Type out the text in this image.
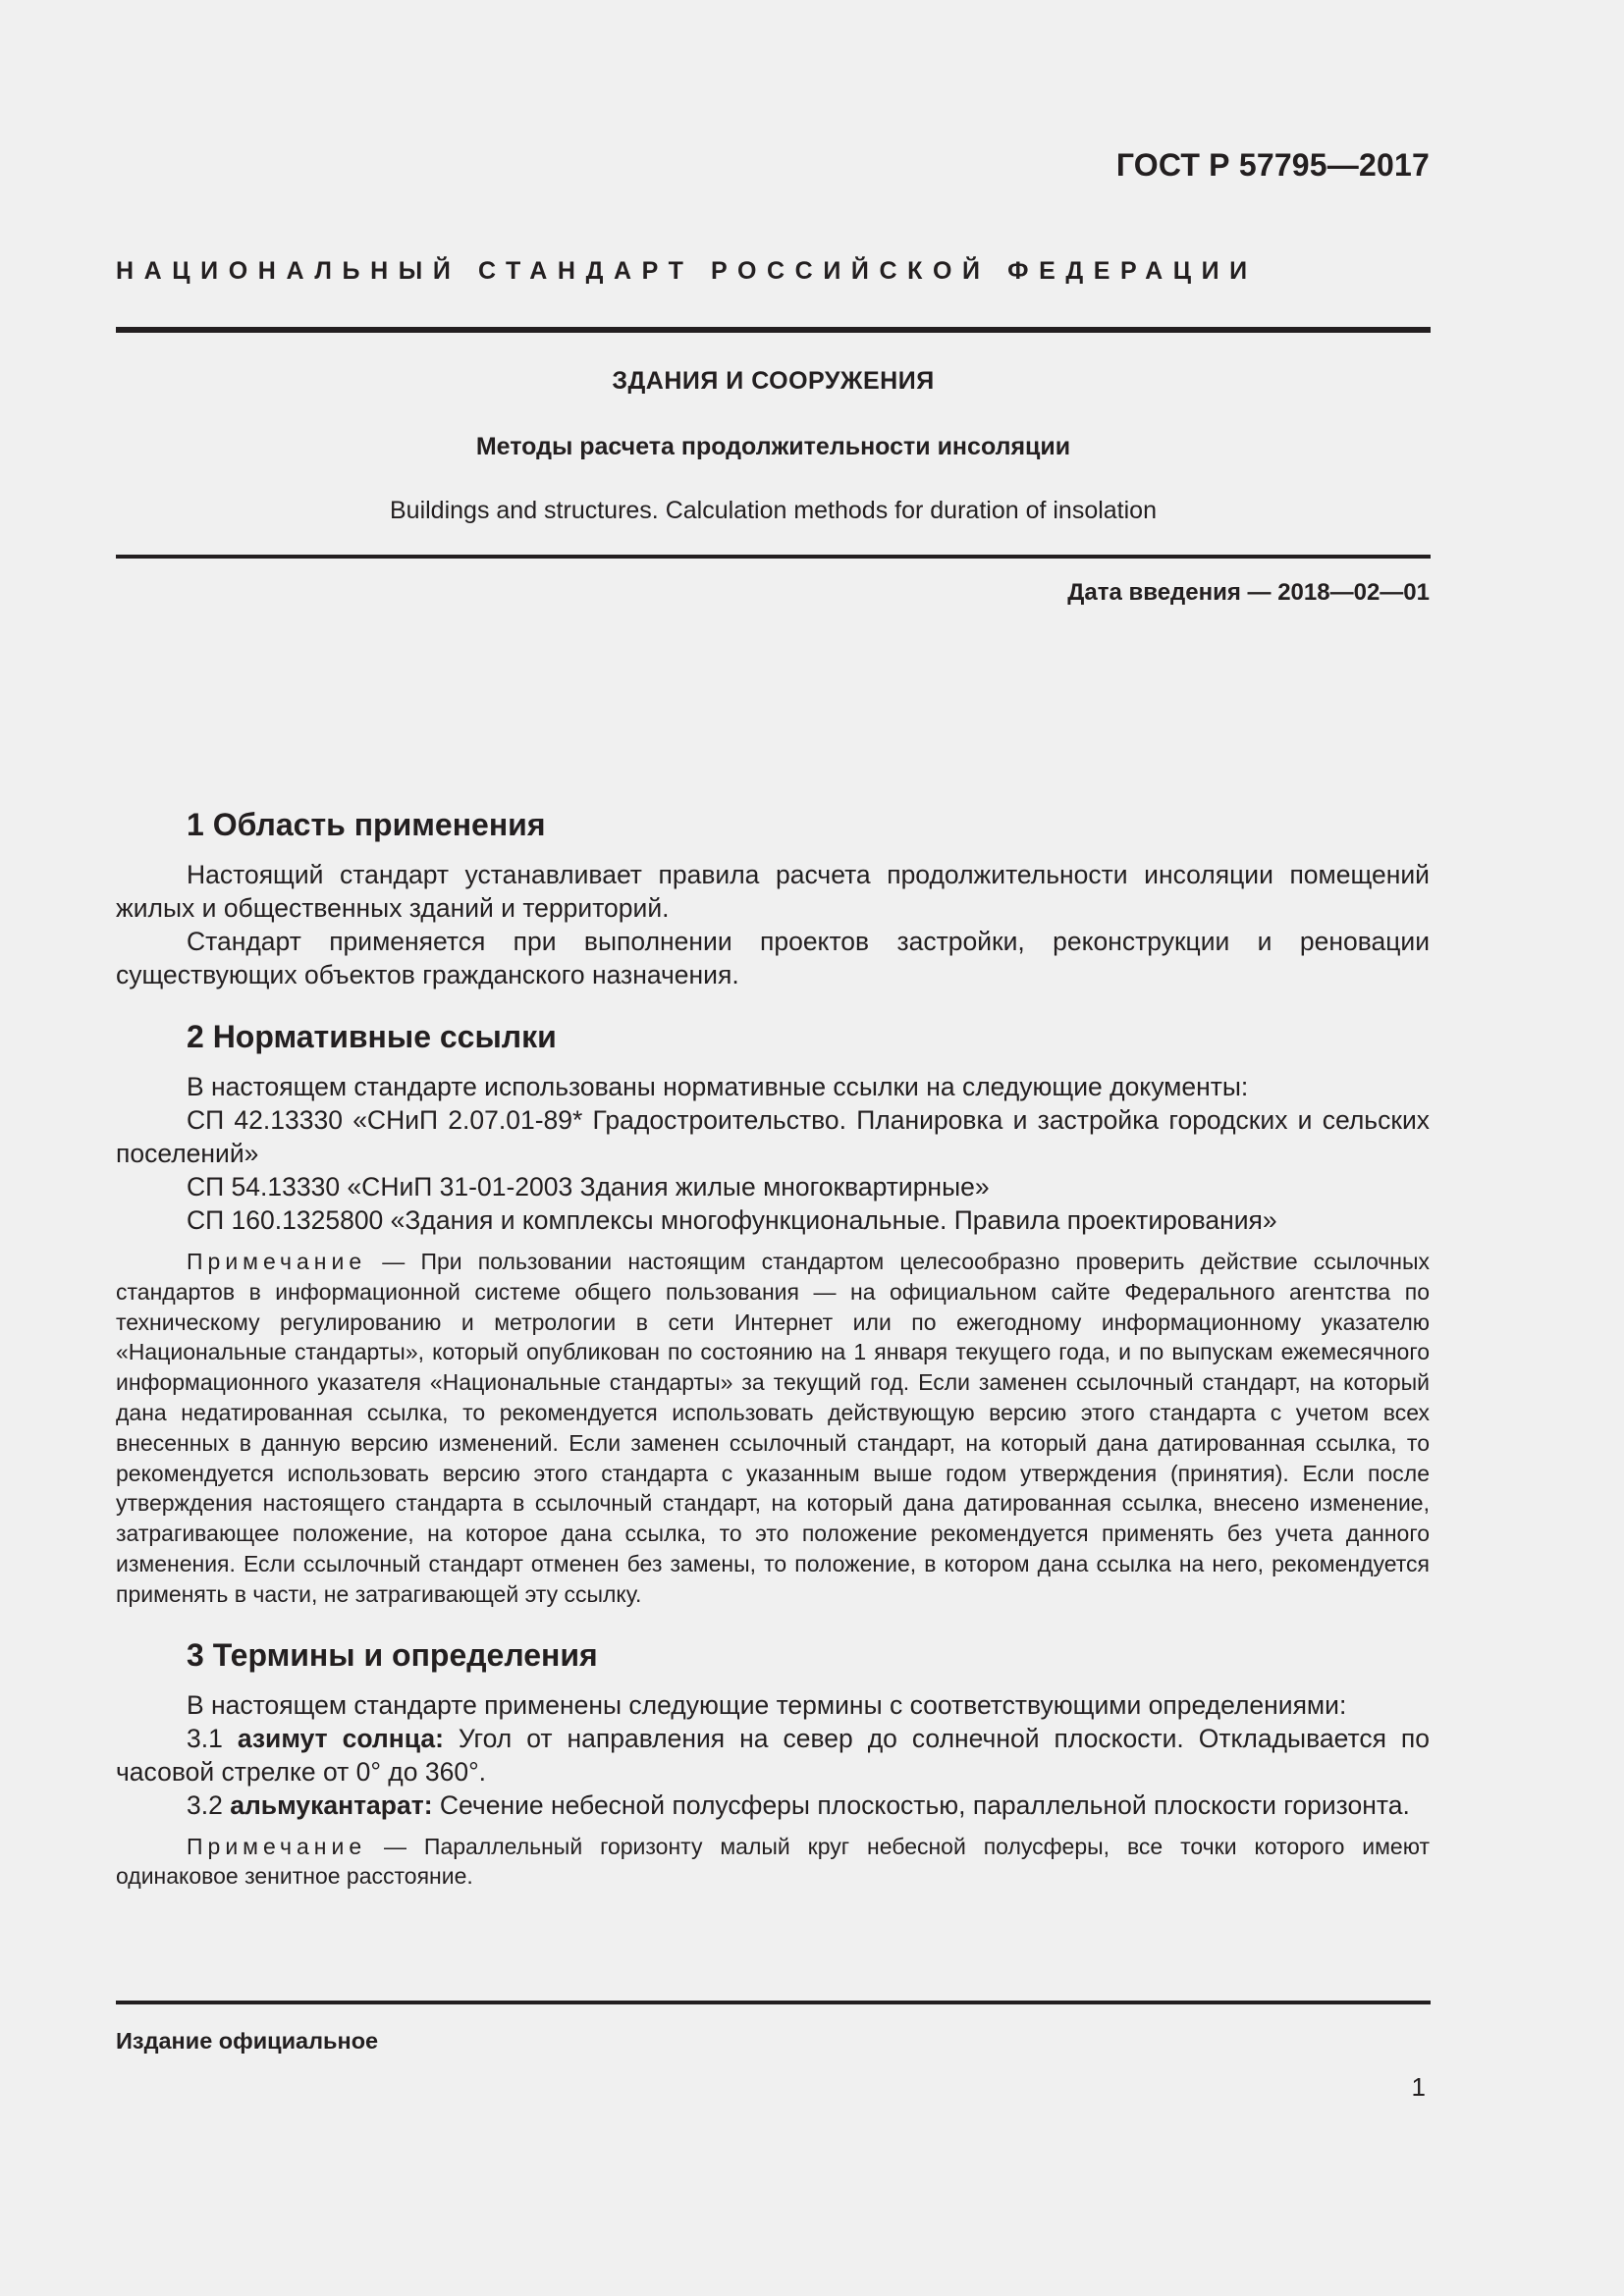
ГОСТ Р 57795—2017
НАЦИОНАЛЬНЫЙ СТАНДАРТ РОССИЙСКОЙ ФЕДЕРАЦИИ
ЗДАНИЯ И СООРУЖЕНИЯ
Методы расчета продолжительности инсоляции
Buildings and structures. Calculation methods for duration of insolation
Дата введения — 2018—02—01
1 Область применения

Настоящий стандарт устанавливает правила расчета продолжительности инсоляции помещений жилых и общественных зданий и территорий.

Стандарт применяется при выполнении проектов застройки, реконструкции и реновации существующих объектов гражданского назначения.

2 Нормативные ссылки

В настоящем стандарте использованы нормативные ссылки на следующие документы:

СП 42.13330 «СНиП 2.07.01-89* Градостроительство. Планировка и застройка городских и сельских поселений»

СП 54.13330 «СНиП 31-01-2003 Здания жилые многоквартирные»

СП 160.1325800 «Здания и комплексы многофункциональные. Правила проектирования»

Примечание — При пользовании настоящим стандартом целесообразно проверить действие ссылочных стандартов в информационной системе общего пользования — на официальном сайте Федерального агентства по техническому регулированию и метрологии в сети Интернет или по ежегодному информационному указателю «Национальные стандарты», который опубликован по состоянию на 1 января текущего года, и по выпускам ежемесячного информационного указателя «Национальные стандарты» за текущий год. Если заменен ссылочный стандарт, на который дана недатированная ссылка, то рекомендуется использовать действующую версию этого стандарта с учетом всех внесенных в данную версию изменений. Если заменен ссылочный стандарт, на который дана датированная ссылка, то рекомендуется использовать версию этого стандарта с указанным выше годом утверждения (принятия). Если после утверждения настоящего стандарта в ссылочный стандарт, на который дана датированная ссылка, внесено изменение, затрагивающее положение, на которое дана ссылка, то это положение рекомендуется применять без учета данного изменения. Если ссылочный стандарт отменен без замены, то положение, в котором дана ссылка на него, рекомендуется применять в части, не затрагивающей эту ссылку.

3 Термины и определения

В настоящем стандарте применены следующие термины с соответствующими определениями:

3.1 азимут солнца: Угол от направления на север до солнечной плоскости. Откладывается по часовой стрелке от 0° до 360°.

3.2 альмукантарат: Сечение небесной полусферы плоскостью, параллельной плоскости горизонта.

Примечание — Параллельный горизонту малый круг небесной полусферы, все точки которого имеют одинаковое зенитное расстояние.

Издание официальное
1
